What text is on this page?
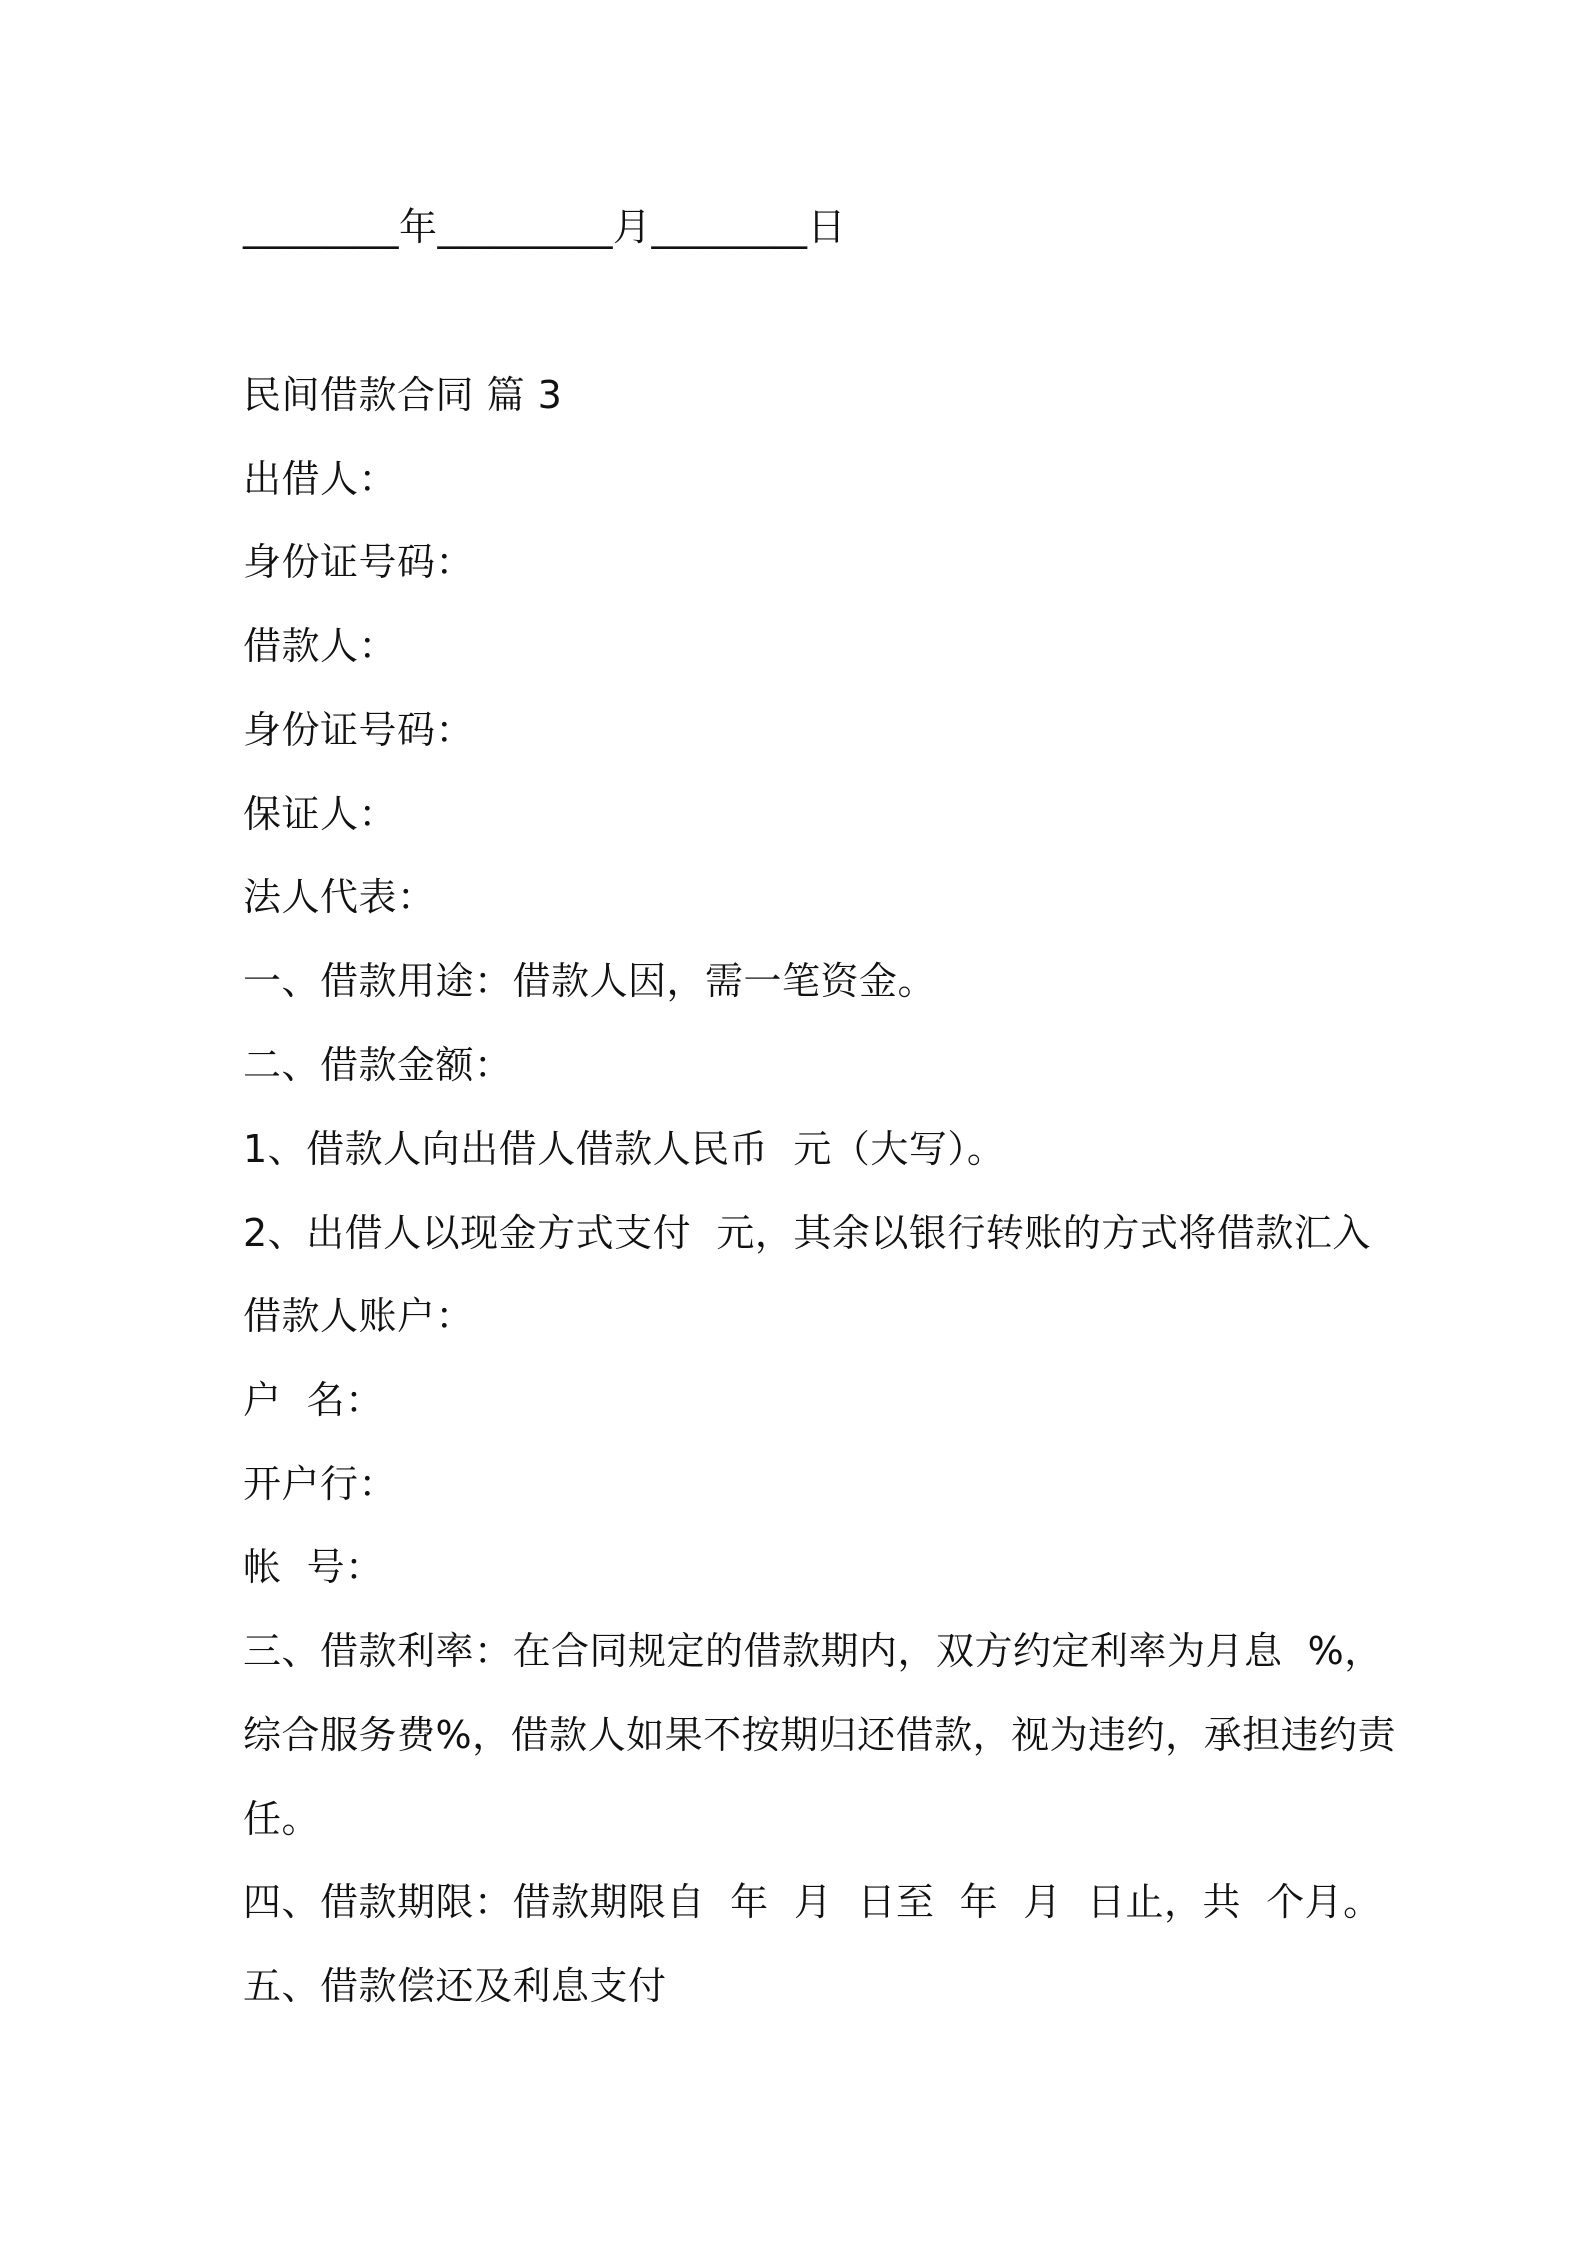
________年_________月________日
民间借款合同 篇 3
出借人：
身份证号码：
借款人：
身份证号码：
保证人：
法人代表：
一、借款用途：借款人因，需一笔资金。
二、借款金额：
1、借款人向出借人借款人民币  元（大写）。
2、出借人以现金方式支付  元，其余以银行转账的方式将借款汇入
借款人账户：
户  名：
开户行：
帐  号：
三、借款利率：在合同规定的借款期内，双方约定利率为月息  %，
综合服务费%，借款人如果不按期归还借款，视为违约，承担违约责
任。
四、借款期限：借款期限自  年  月  日至  年  月  日止，共  个月。
五、借款偿还及利息支付
